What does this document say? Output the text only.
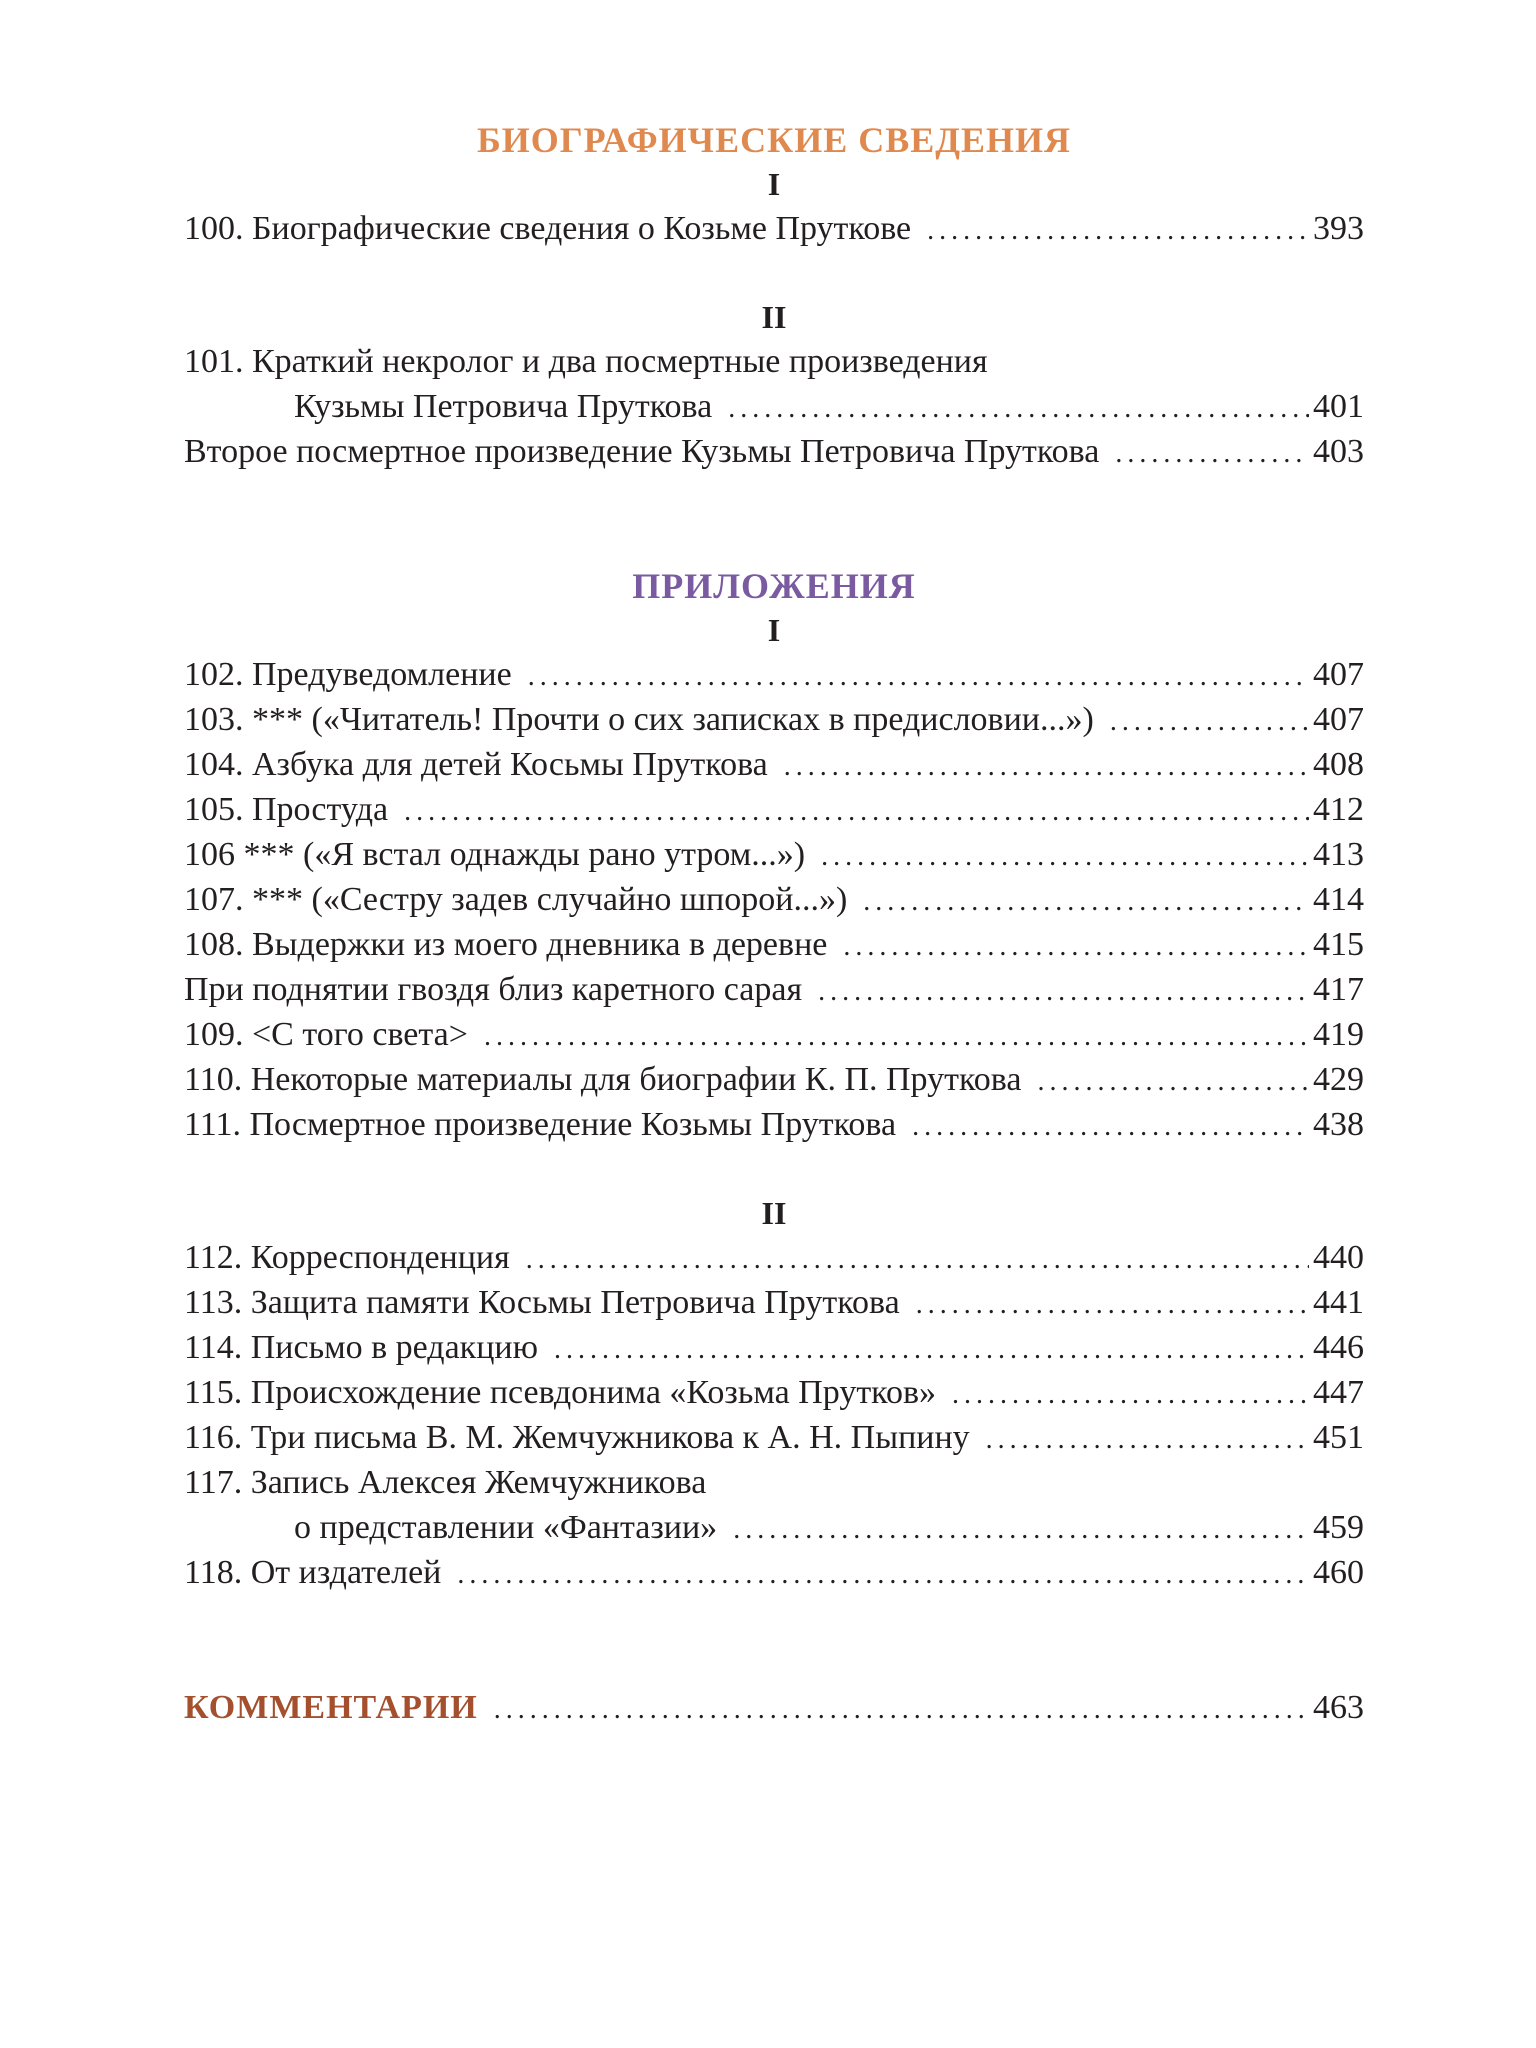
БИОГРАФИЧЕСКИЕ СВЕДЕНИЯ
I
100. Биографические сведения о Козьме Пруткове . . .	393
II
101. Краткий некролог и два посмертные произведения
Кузьмы Петровича Пруткова . . .	401
Второе посмертное произведение Кузьмы Петровича Пруткова . . .	403
ПРИЛОЖЕНИЯ
I
102. Предуведомление . . .	407
103. *** («Читатель! Прочти о сих записках в предисловии...») . . .	407
104. Азбука для детей Косьмы Пруткова . . .	408
105. Простуда . . .	412
106 *** («Я встал однажды рано утром...») . . .	413
107. *** («Сестру задев случайно шпорой...») . . .	414
108. Выдержки из моего дневника в деревне . . .	415
При поднятии гвоздя близ каретного сарая . . .	417
109. <С того света> . . .	419
110. Некоторые материалы для биографии К. П. Пруткова . . .	429
111. Посмертное произведение Козьмы Пруткова . . .	438
II
112. Корреспонденция . . .	440
113. Защита памяти Косьмы Петровича Пруткова . . .	441
114. Письмо в редакцию . . .	446
115. Происхождение псевдонима «Козьма Прутков» . . .	447
116. Три письма В. М. Жемчужникова к А. Н. Пыпину . . .	451
117. Запись Алексея Жемчужникова
о представлении «Фантазии» . . .	459
118. От издателей . . .	460
КОММЕНТАРИИ . . .	463
